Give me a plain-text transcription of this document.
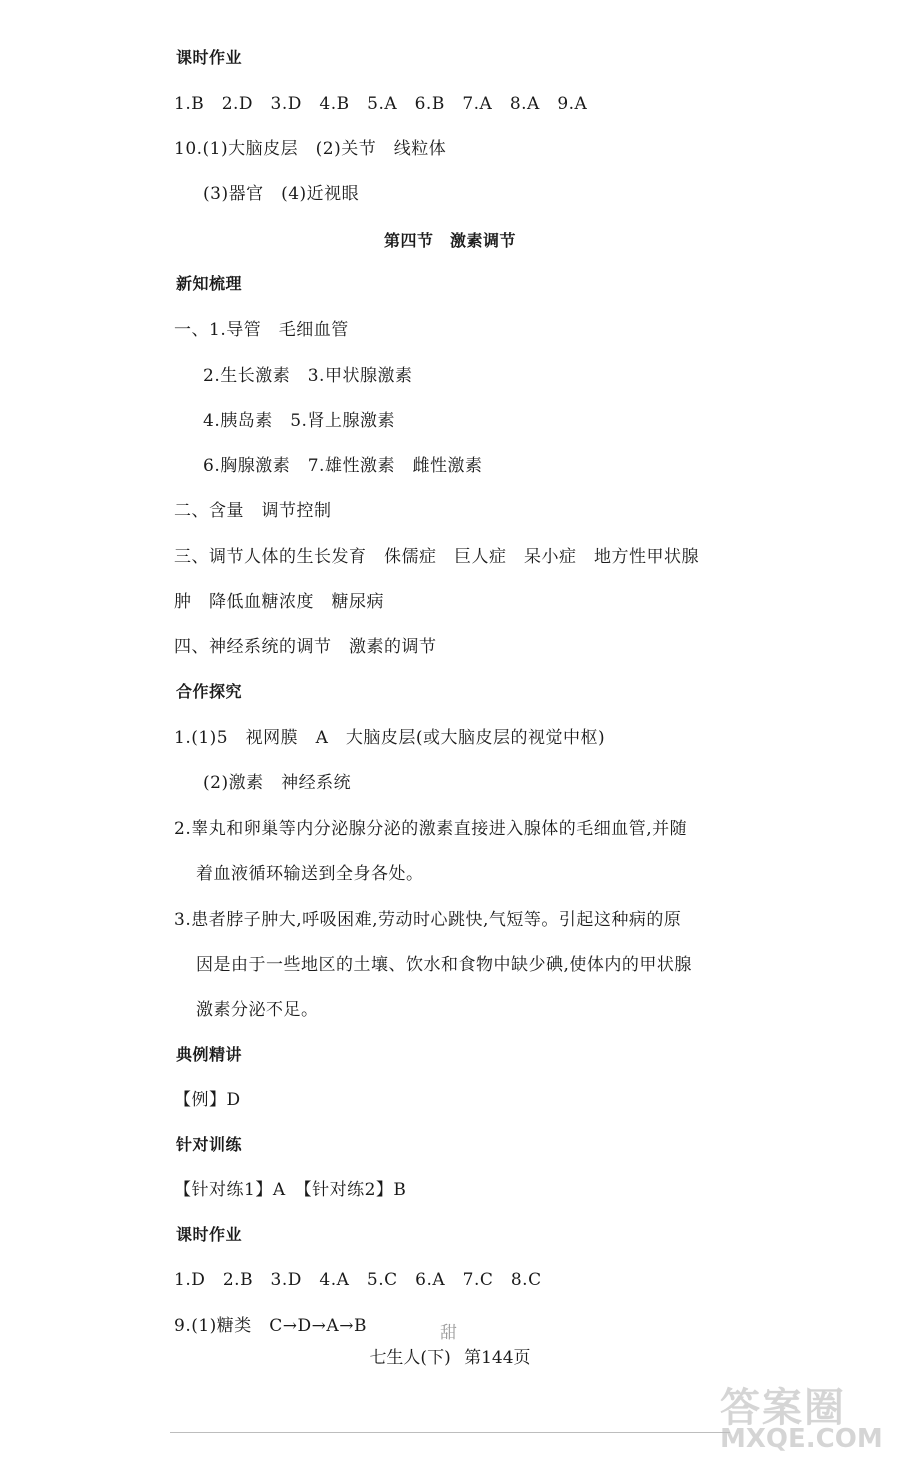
课时作业
1.B　2.D　3.D　4.B　5.A　6.B　7.A　8.A　9.A
10.(1)大脑皮层　(2)关节　线粒体
(3)器官　(4)近视眼
第四节　激素调节
新知梳理
一、1.导管　毛细血管
2.生长激素　3.甲状腺激素
4.胰岛素　5.肾上腺激素
6.胸腺激素　7.雄性激素　雌性激素
二、含量　调节控制
三、调节人体的生长发育　侏儒症　巨人症　呆小症　地方性甲状腺
肿　降低血糖浓度　糖尿病
四、神经系统的调节　激素的调节
合作探究
1.(1)5　视网膜　A　大脑皮层(或大脑皮层的视觉中枢)
(2)激素　神经系统
2.睾丸和卵巢等内分泌腺分泌的激素直接进入腺体的毛细血管,并随
着血液循环输送到全身各处。
3.患者脖子肿大,呼吸困难,劳动时心跳快,气短等。引起这种病的原
因是由于一些地区的土壤、饮水和食物中缺少碘,使体内的甲状腺
激素分泌不足。
典例精讲
【例】D
针对训练
【针对练1】A　【针对练2】B
课时作业
1.D　2.B　3.D　4.A　5.C　6.A　7.C　8.C
9.(1)糖类　C→D→A→B	甜
七生人(下) 第144页
答案圈
MXQE.COM
